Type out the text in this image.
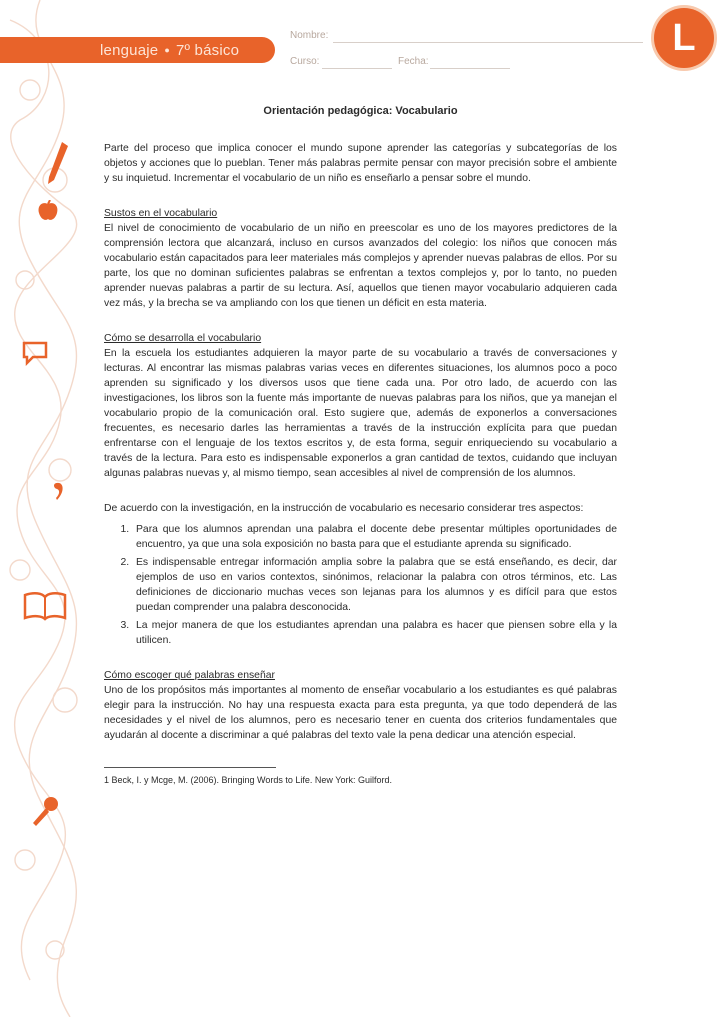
lenguaje ● 7º básico
Nombre:
Curso:	Fecha:
L
Orientación pedagógica: Vocabulario

Parte del proceso que implica conocer el mundo supone aprender las categorías y subcategorías de los objetos y acciones que lo pueblan. Tener más palabras permite pensar con mayor precisión sobre el ambiente y su inquietud. Incrementar el vocabulario de un niño es enseñarlo a pensar sobre el mundo.

Sustos en el vocabulario
El nivel de conocimiento de vocabulario de un niño en preescolar es uno de los mayores predictores de la comprensión lectora que alcanzará, incluso en cursos avanzados del colegio: los niños que conocen más vocabulario están capacitados para leer materiales más complejos y aprender nuevas palabras de ellos. Por su parte, los que no dominan suficientes palabras se enfrentan a textos complejos y, por lo tanto, no pueden aprender nuevas palabras a partir de su lectura. Así, aquellos que tienen mayor vocabulario adquieren cada vez más, y la brecha se va ampliando con los que tienen un déficit en esta materia.

Cómo se desarrolla el vocabulario
En la escuela los estudiantes adquieren la mayor parte de su vocabulario a través de conversaciones y lecturas. Al encontrar las mismas palabras varias veces en diferentes situaciones, los alumnos poco a poco aprenden su significado y los diversos usos que tiene cada una. Por otro lado, de acuerdo con las investigaciones, los libros son la fuente más importante de nuevas palabras para los niños, que ya manejan el vocabulario propio de la comunicación oral. Esto sugiere que, además de exponerlos a conversaciones frecuentes, es necesario darles las herramientas a través de la instrucción explícita para que puedan enfrentarse con el lenguaje de los textos escritos y, de esta forma, seguir enriqueciendo su vocabulario a través de la lectura. Para esto es indispensable exponerlos a gran cantidad de textos, cuidando que incluyan algunas palabras nuevas y, al mismo tiempo, sean accesibles al nivel de comprensión de los alumnos.

De acuerdo con la investigación, en la instrucción de vocabulario es necesario considerar tres aspectos:

1. Para que los alumnos aprendan una palabra el docente debe presentar múltiples oportunidades de encuentro, ya que una sola exposición no basta para que el estudiante aprenda su significado.
2. Es indispensable entregar información amplia sobre la palabra que se está enseñando, es decir, dar ejemplos de uso en varios contextos, sinónimos, relacionar la palabra con otros términos, etc. Las definiciones de diccionario muchas veces son lejanas para los alumnos y es difícil para que estos puedan comprender una palabra desconocida.
3. La mejor manera de que los estudiantes aprendan una palabra es hacer que piensen sobre ella y la utilicen.

Cómo escoger qué palabras enseñar
Uno de los propósitos más importantes al momento de enseñar vocabulario a los estudiantes es qué palabras elegir para la instrucción. No hay una respuesta exacta para esta pregunta, ya que todo dependerá de las necesidades y el nivel de los alumnos, pero es necesario tener en cuenta dos criterios fundamentales que ayudarán al docente a discriminar a qué palabras del texto vale la pena dedicar una atención especial.

1 Beck, I. y Mcge, M. (2006). Bringing Words to Life. New York: Guilford.
